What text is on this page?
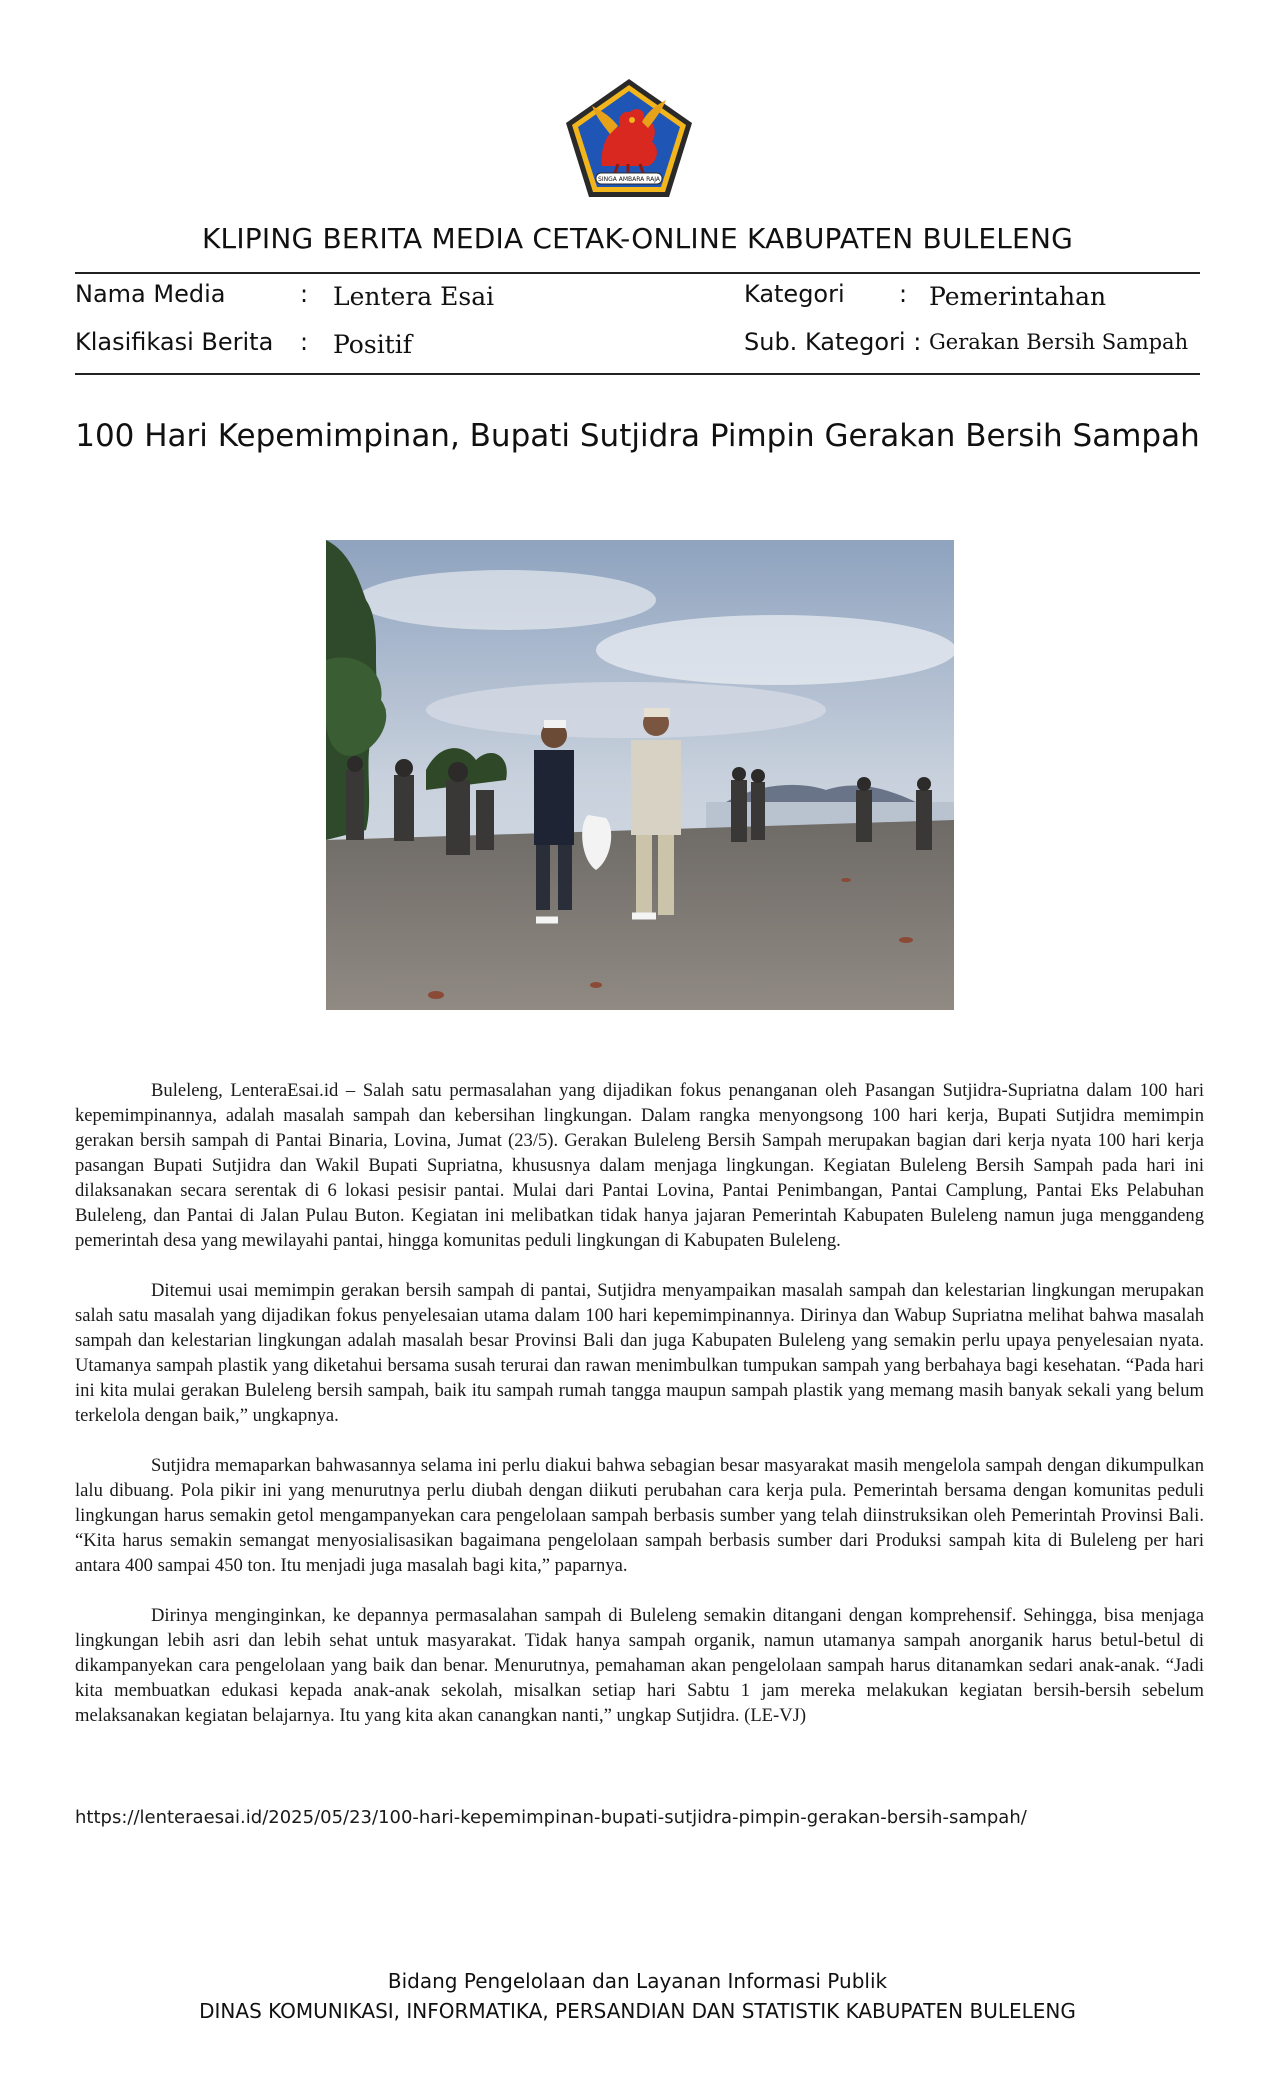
SINGA AMBARA RAJA
KLIPING BERITA MEDIA CETAK-ONLINE KABUPATEN BULELENG
Nama Media	: Lentera Esai
Klasifikasi Berita : Positif
Kategori : Pemerintahan
Sub. Kategori : Gerakan Bersih Sampah
100 Hari Kepemimpinan, Bupati Sutjidra Pimpin Gerakan Bersih Sampah

Buleleng, LenteraEsai.id – Salah satu permasalahan yang dijadikan fokus penanganan oleh Pasangan Sutjidra-Supriatna dalam 100 hari kepemimpinannya, adalah masalah sampah dan kebersihan lingkungan. Dalam rangka menyongsong 100 hari kerja, Bupati Sutjidra memimpin gerakan bersih sampah di Pantai Binaria, Lovina, Jumat (23/5). Gerakan Buleleng Bersih Sampah merupakan bagian dari kerja nyata 100 hari kerja pasangan Bupati Sutjidra dan Wakil Bupati Supriatna, khususnya dalam menjaga lingkungan. Kegiatan Buleleng Bersih Sampah pada hari ini dilaksanakan secara serentak di 6 lokasi pesisir pantai. Mulai dari Pantai Lovina, Pantai Penimbangan, Pantai Camplung, Pantai Eks Pelabuhan Buleleng, dan Pantai di Jalan Pulau Buton. Kegiatan ini melibatkan tidak hanya jajaran Pemerintah Kabupaten Buleleng namun juga menggandeng pemerintah desa yang mewilayahi pantai, hingga komunitas peduli lingkungan di Kabupaten Buleleng.

Ditemui usai memimpin gerakan bersih sampah di pantai, Sutjidra menyampaikan masalah sampah dan kelestarian lingkungan merupakan salah satu masalah yang dijadikan fokus penyelesaian utama dalam 100 hari kepemimpinannya. Dirinya dan Wabup Supriatna melihat bahwa masalah sampah dan kelestarian lingkungan adalah masalah besar Provinsi Bali dan juga Kabupaten Buleleng yang semakin perlu upaya penyelesaian nyata. Utamanya sampah plastik yang diketahui bersama susah terurai dan rawan menimbulkan tumpukan sampah yang berbahaya bagi kesehatan. “Pada hari ini kita mulai gerakan Buleleng bersih sampah, baik itu sampah rumah tangga maupun sampah plastik yang memang masih banyak sekali yang belum terkelola dengan baik,” ungkapnya.

Sutjidra memaparkan bahwasannya selama ini perlu diakui bahwa sebagian besar masyarakat masih mengelola sampah dengan dikumpulkan lalu dibuang. Pola pikir ini yang menurutnya perlu diubah dengan diikuti perubahan cara kerja pula. Pemerintah bersama dengan komunitas peduli lingkungan harus semakin getol mengampanyekan cara pengelolaan sampah berbasis sumber yang telah diinstruksikan oleh Pemerintah Provinsi Bali. “Kita harus semakin semangat menyosialisasikan bagaimana pengelolaan sampah berbasis sumber dari Produksi sampah kita di Buleleng per hari antara 400 sampai 450 ton. Itu menjadi juga masalah bagi kita,” paparnya.

Dirinya menginginkan, ke depannya permasalahan sampah di Buleleng semakin ditangani dengan komprehensif. Sehingga, bisa menjaga lingkungan lebih asri dan lebih sehat untuk masyarakat. Tidak hanya sampah organik, namun utamanya sampah anorganik harus betul-betul di dikampanyekan cara pengelolaan yang baik dan benar. Menurutnya, pemahaman akan pengelolaan sampah harus ditanamkan sedari anak-anak. “Jadi kita membuatkan edukasi kepada anak-anak sekolah, misalkan setiap hari Sabtu 1 jam mereka melakukan kegiatan bersih-bersih sebelum melaksanakan kegiatan belajarnya. Itu yang kita akan canangkan nanti,” ungkap Sutjidra. (LE-VJ)

https://lenteraesai.id/2025/05/23/100-hari-kepemimpinan-bupati-sutjidra-pimpin-gerakan-bersih-sampah/
Bidang Pengelolaan dan Layanan Informasi Publik
DINAS KOMUNIKASI, INFORMATIKA, PERSANDIAN DAN STATISTIK KABUPATEN BULELENG
